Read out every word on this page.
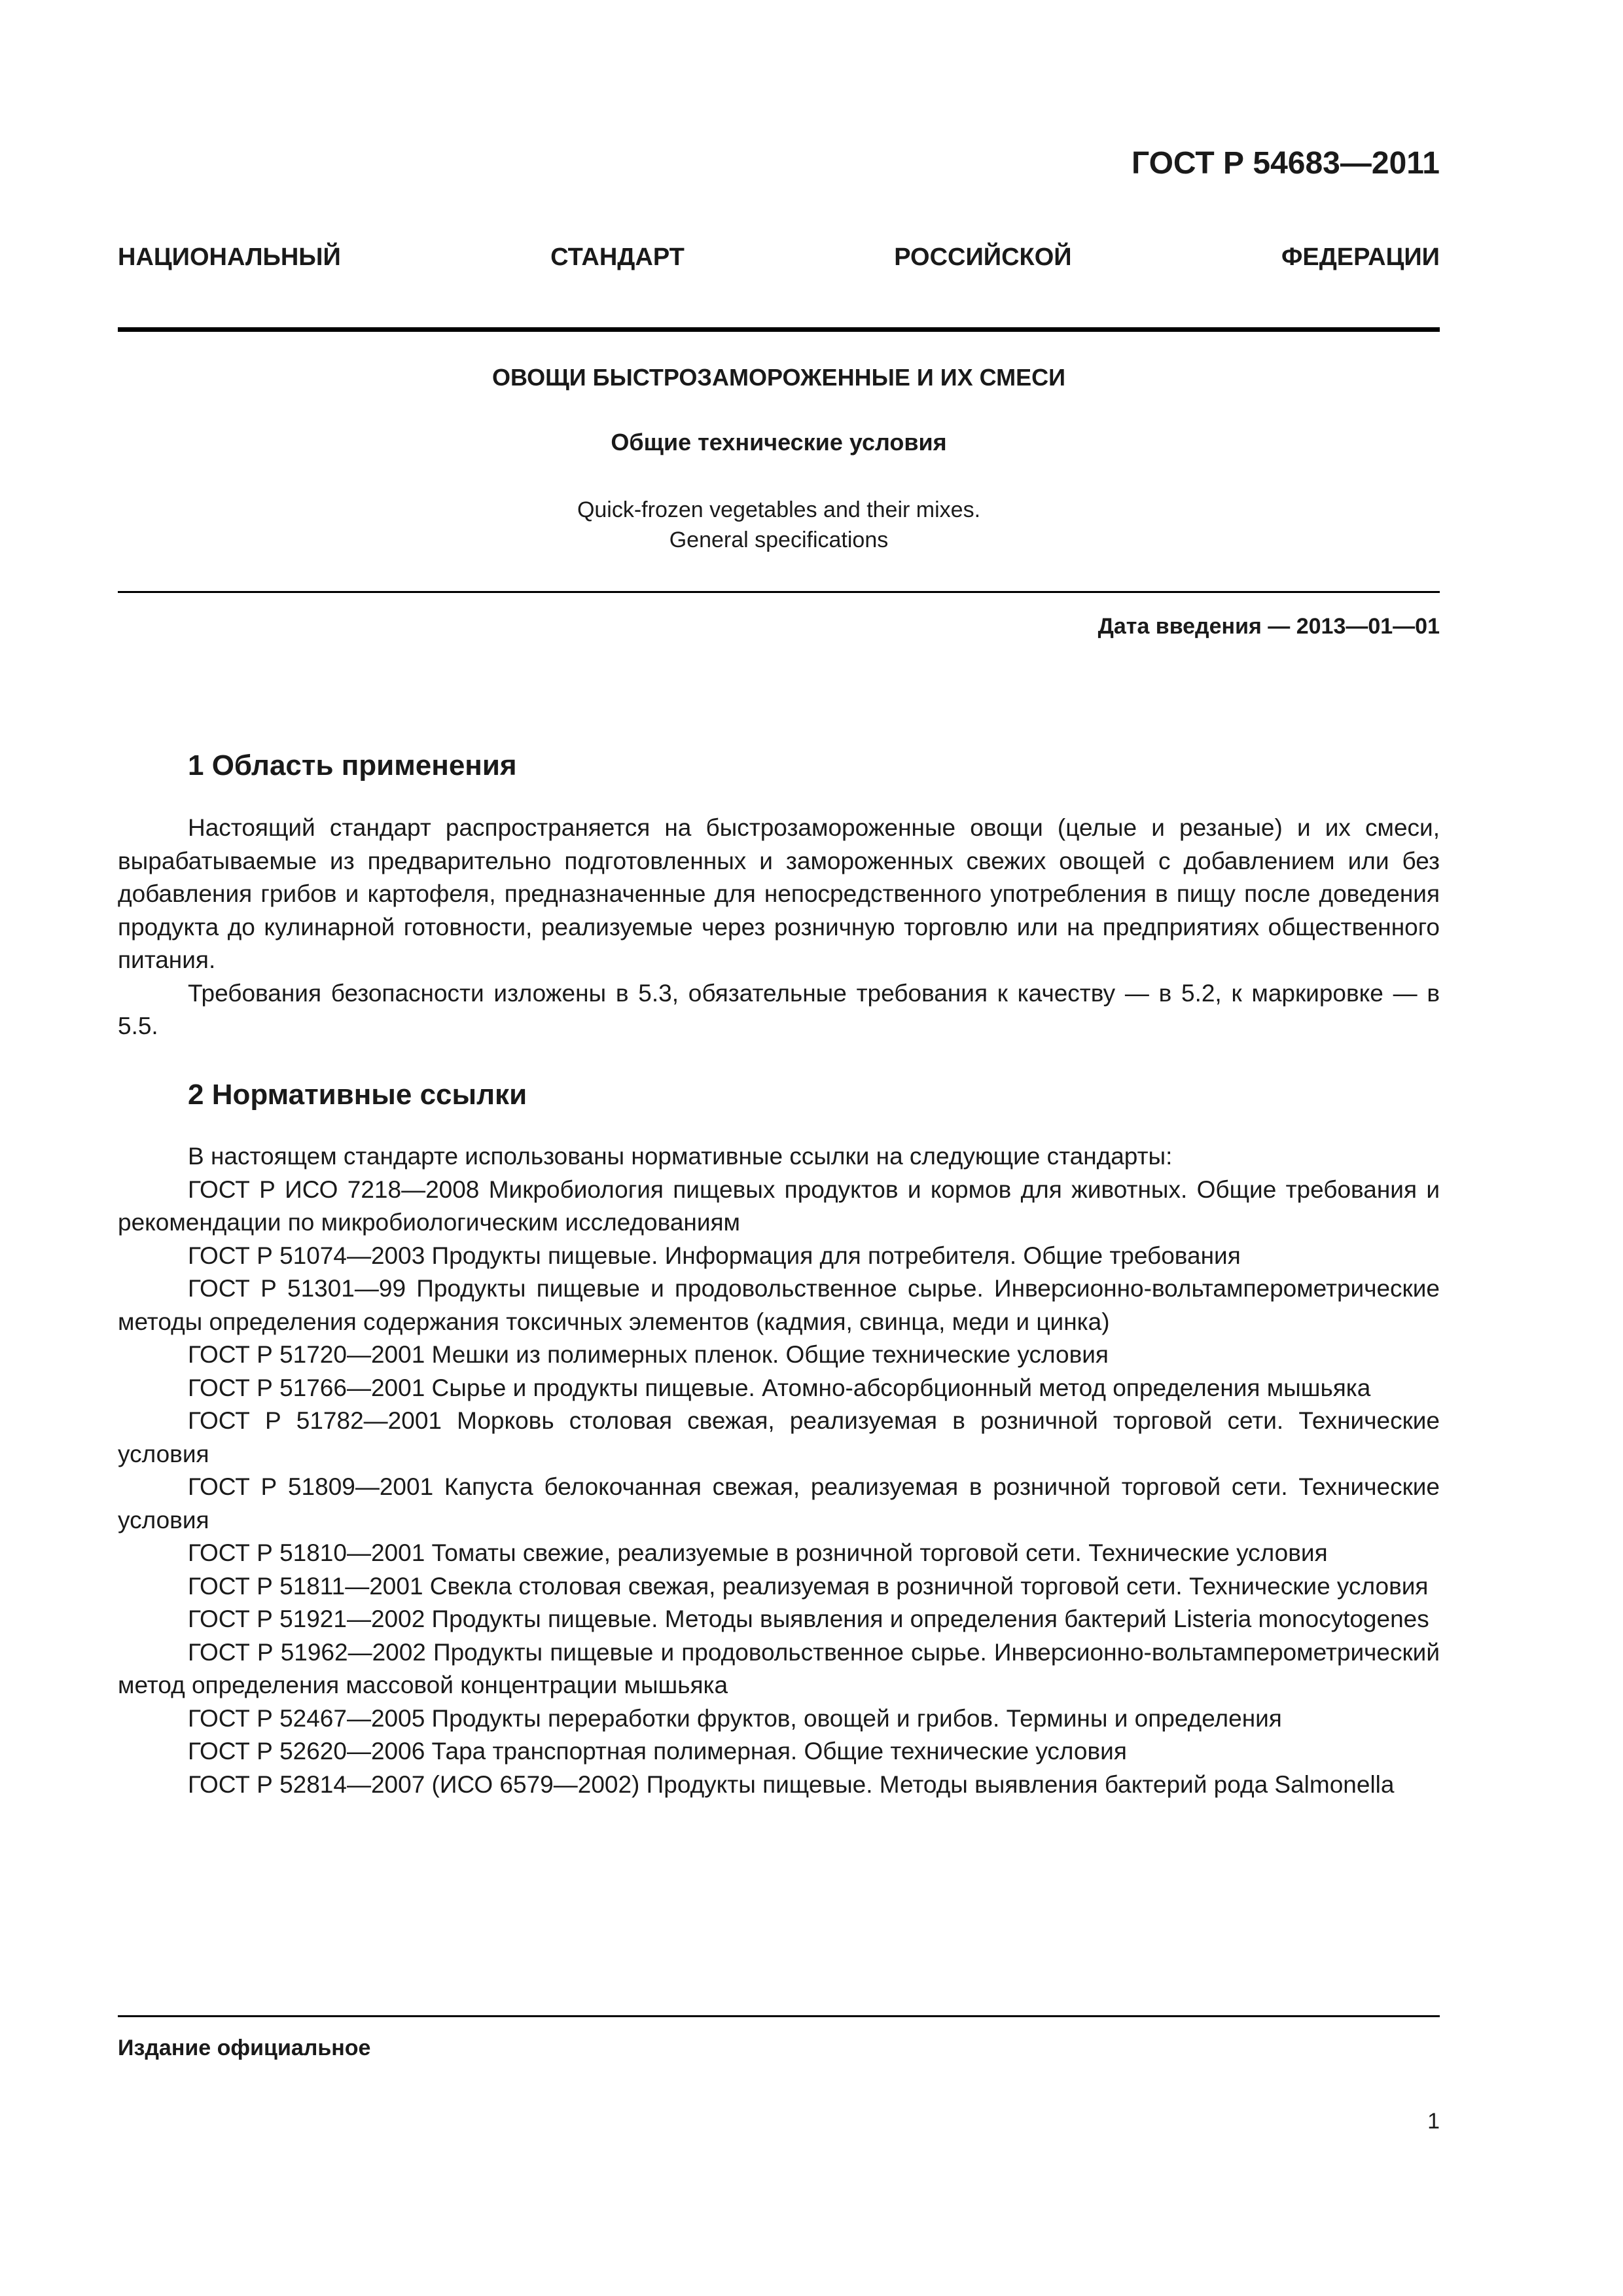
ГОСТ Р 54683—2011
НАЦИОНАЛЬНЫЙ	СТАНДАРТ	РОССИЙСКОЙ	ФЕДЕРАЦИИ
ОВОЩИ БЫСТРОЗАМОРОЖЕННЫЕ И ИХ СМЕСИ
Общие технические условия
Quick-frozen vegetables and their mixes.
General specifications
Дата введения — 2013—01—01
1 Область применения

Настоящий стандарт распространяется на быстрозамороженные овощи (целые и резаные) и их смеси, вырабатываемые из предварительно подготовленных и замороженных свежих овощей с добавлением или без добавления грибов и картофеля, предназначенные для непосредственного употребления в пищу после доведения продукта до кулинарной готовности, реализуемые через розничную торговлю или на предприятиях общественного питания.

Требования безопасности изложены в 5.3, обязательные требования к качеству — в 5.2, к маркировке — в 5.5.

2 Нормативные ссылки

В настоящем стандарте использованы нормативные ссылки на следующие стандарты:

ГОСТ Р ИСО 7218—2008 Микробиология пищевых продуктов и кормов для животных. Общие требования и рекомендации по микробиологическим исследованиям

ГОСТ Р 51074—2003 Продукты пищевые. Информация для потребителя. Общие требования

ГОСТ Р 51301—99 Продукты пищевые и продовольственное сырье. Инверсионно-вольтамперометрические методы определения содержания токсичных элементов (кадмия, свинца, меди и цинка)

ГОСТ Р 51720—2001 Мешки из полимерных пленок. Общие технические условия

ГОСТ Р 51766—2001 Сырье и продукты пищевые. Атомно-абсорбционный метод определения мышьяка

ГОСТ Р 51782—2001 Морковь столовая свежая, реализуемая в розничной торговой сети. Технические условия

ГОСТ Р 51809—2001 Капуста белокочанная свежая, реализуемая в розничной торговой сети. Технические условия

ГОСТ Р 51810—2001 Томаты свежие, реализуемые в розничной торговой сети. Технические условия

ГОСТ Р 51811—2001 Свекла столовая свежая, реализуемая в розничной торговой сети. Технические условия

ГОСТ Р 51921—2002 Продукты пищевые. Методы выявления и определения бактерий Listeria monocytogenes

ГОСТ Р 51962—2002 Продукты пищевые и продовольственное сырье. Инверсионно-вольтамперометрический метод определения массовой концентрации мышьяка

ГОСТ Р 52467—2005 Продукты переработки фруктов, овощей и грибов. Термины и определения

ГОСТ Р 52620—2006 Тара транспортная полимерная. Общие технические условия

ГОСТ Р 52814—2007 (ИСО 6579—2002) Продукты пищевые. Методы выявления бактерий рода Salmonella

Издание официальное
1
